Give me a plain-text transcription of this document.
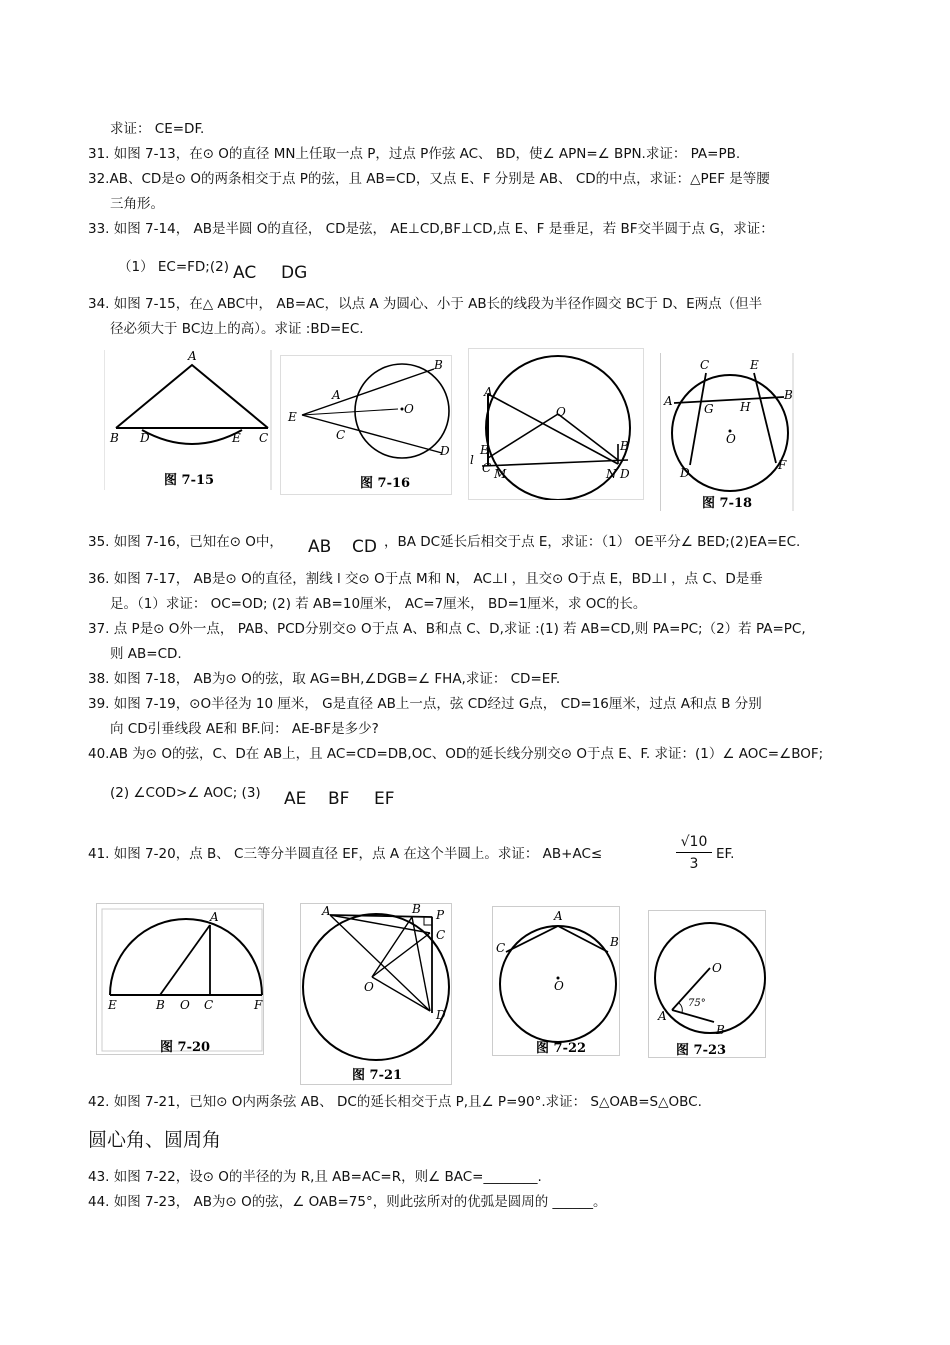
求证： CE=DF.
31. 如图 7-13，在⊙ O的直径 MN上任取一点 P，过点 P作弦 AC、 BD，使∠ APN=∠ BPN.求证： PA=PB.
32.AB、CD是⊙ O的两条相交于点 P的弦，且 AB=CD，又点 E、F 分别是 AB、 CD的中点，求证：△PEF 是等腰
三角形。
33. 如图 7-14， AB是半圆 O的直径， CD是弦， AE⊥CD,BF⊥CD,点 E、F 是垂足，若 BF交半圆于点 G，求证：
（1） EC=FD;(2) AC DG
34. 如图 7-15，在△ ABC中， AB=AC，以点 A 为圆心、小于 AB长的线段为半径作圆交 BC于 D、E两点（但半
径必须大于 BC边上的高）。求证 :BD=EC.
A
B D	E C
图 7-15
A
B
C
D
E
O
图 7-16
A
O
B
E
C M	N D
l
C	E
A
G H
B
O
D
F
图 7-18
35. 如图 7-16，已知在⊙ O中， AB CD ，BA DC延长后相交于点 E，求证：（1） OE平分∠ BED;(2)EA=EC.
36. 如图 7-17， AB是⊙ O的直径，割线 l 交⊙ O于点 M和 N， AC⊥l ，且交⊙ O于点 E，BD⊥l ，点 C、D是垂
足。（1）求证： OC=OD; (2) 若 AB=10厘米， AC=7厘米， BD=1厘米，求 OC的长。
37. 点 P是⊙ O外一点， PAB、PCD分别交⊙ O于点 A、B和点 C、D,求证 :(1) 若 AB=CD,则 PA=PC;（2）若 PA=PC,
则 AB=CD.
38. 如图 7-18， AB为⊙ O的弦，取 AG=BH,∠DGB=∠ FHA,求证： CD=EF.
39. 如图 7-19，⊙O半径为 10 厘米， G是直径 AB上一点，弦 CD经过 G点， CD=16厘米，过点 A和点 B 分别
向 CD引垂线段 AE和 BF.问： AE-BF是多少?
40.AB 为⊙ O的弦，C、D在 AB上，且 AC=CD=DB,OC、OD的延长线分别交⊙ O于点 E、F. 求证：(1）∠ AOC=∠BOF;
(2) ∠COD>∠ AOC; (3) AE BF EF
41. 如图 7-20，点 B、 C三等分半圆直径 EF，点 A 在这个半圆上。求证： AB+AC≤	$\frac{√10}{3}$ EF.
A
E	B O C	F
图 7-20
A	B P
C
O
D
图 7-21
A
B
C
O
图 7-22
O
A
B
75°
图 7-23
42. 如图 7-21，已知⊙ O内两条弦 AB、 DC的延长相交于点 P,且∠ P=90°.求证： S△OAB=S△OBC.
圆心角、圆周角
43. 如图 7-22，设⊙ O的半径的为 R,且 AB=AC=R，则∠ BAC=________.
44. 如图 7-23， AB为⊙ O的弦，∠ OAB=75°，则此弦所对的优弧是圆周的 ______。
